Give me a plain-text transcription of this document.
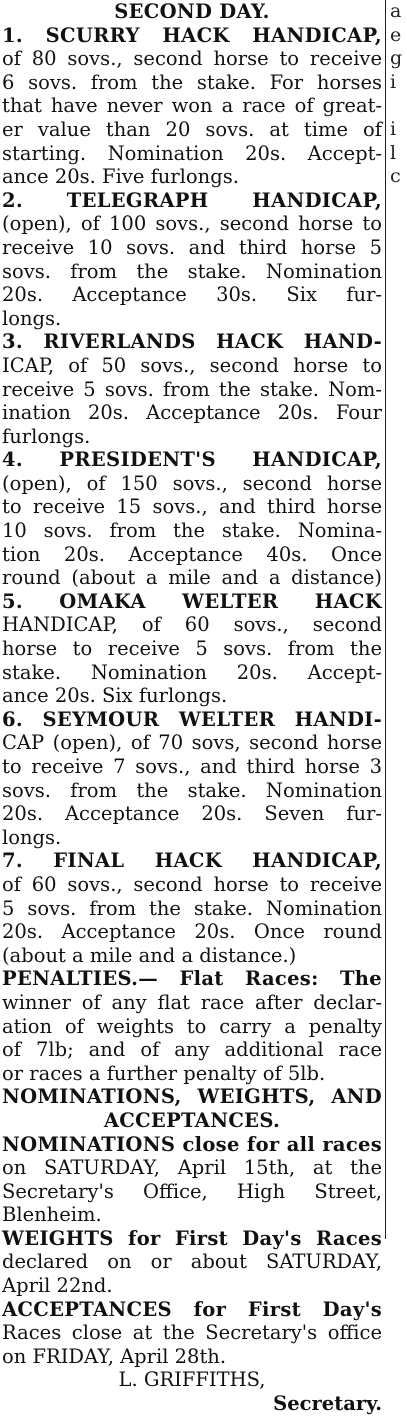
SECOND DAY.
1. SCURRY HACK HANDICAP,
of 80 sovs., second horse to receive
6 sovs. from the stake. For horses
that have never won a race of great-
er value than 20 sovs. at time of
starting. Nomination 20s. Accept-
ance 20s. Five furlongs.
2. TELEGRAPH HANDICAP,
(open), of 100 sovs., second horse to
receive 10 sovs. and third horse 5
sovs. from the stake. Nomination
20s. Acceptance 30s. Six fur-
longs.
3. RIVERLANDS HACK HAND-
ICAP, of 50 sovs., second horse to
receive 5 sovs. from the stake. Nom-
ination 20s. Acceptance 20s. Four
furlongs.
4. PRESIDENT'S HANDICAP,
(open), of 150 sovs., second horse
to receive 15 sovs., and third horse
10 sovs. from the stake. Nomina-
tion 20s. Acceptance 40s. Once
round (about a mile and a distance)
5. OMAKA WELTER HACK
HANDICAP, of 60 sovs., second
horse to receive 5 sovs. from the
stake. Nomination 20s. Accept-
ance 20s. Six furlongs.
6. SEYMOUR WELTER HANDI-
CAP (open), of 70 sovs, second horse
to receive 7 sovs., and third horse 3
sovs. from the stake. Nomination
20s. Acceptance 20s. Seven fur-
longs.
7. FINAL HACK HANDICAP,
of 60 sovs., second horse to receive
5 sovs. from the stake. Nomination
20s. Acceptance 20s. Once round
(about a mile and a distance.)
PENALTIES.— Flat Races: The
winner of any flat race after declar-
ation of weights to carry a penalty
of 7lb; and of any additional race
or races a further penalty of 5lb.
NOMINATIONS, WEIGHTS, AND
ACCEPTANCES.
NOMINATIONS close for all races
on SATURDAY, April 15th, at the
Secretary's Office, High Street,
Blenheim.
WEIGHTS for First Day's Races
declared on or about SATURDAY,
April 22nd.
ACCEPTANCES for First Day's
Races close at the Secretary's office
on FRIDAY, April 28th.
L. GRIFFITHS,
Secretary.
a
e
g
i
i
l
c
